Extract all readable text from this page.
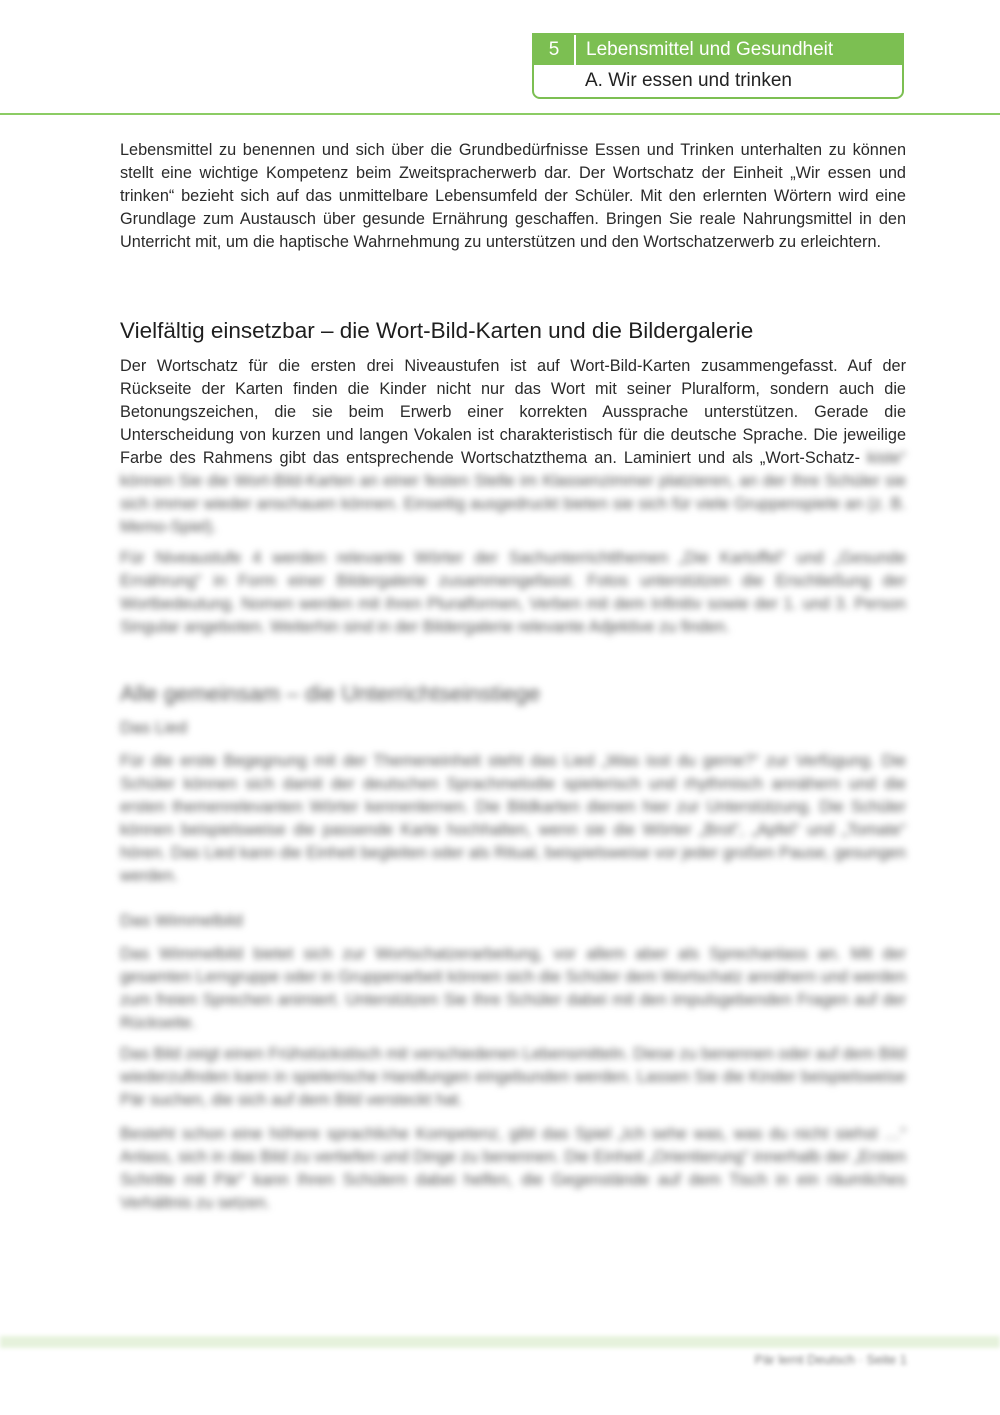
5	Lebensmittel und Gesundheit
A. Wir essen und trinken

Lebensmittel zu benennen und sich über die Grundbedürfnisse Essen und Trinken unterhalten zu können stellt eine wichtige Kompetenz beim Zweitspracherwerb dar. Der Wortschatz der Einheit „Wir essen und trinken“ bezieht sich auf das unmittelbare Lebensumfeld der Schüler. Mit den erlernten Wörtern wird eine Grundlage zum Austausch über gesunde Ernährung geschaffen. Bringen Sie reale Nahrungsmittel in den Unterricht mit, um die haptische Wahrnehmung zu unterstützen und den Wortschatzerwerb zu erleichtern.

Vielfältig einsetzbar – die Wort-Bild-Karten und die Bildergalerie

Der Wortschatz für die ersten drei Niveaustufen ist auf Wort-Bild-Karten zusammengefasst. Auf der Rückseite der Karten finden die Kinder nicht nur das Wort mit seiner Pluralform, sondern auch die Betonungszeichen, die sie beim Erwerb einer korrekten Aussprache unterstützen. Gerade die Unterscheidung von kurzen und langen Vokalen ist charakteristisch für die deutsche Sprache. Die jeweilige Farbe des Rahmens gibt das entsprechende Wortschatzthema an. Laminiert und als „Wort-Schatz- kiste“ können Sie die Wort-Bild-Karten an einer festen Stelle im Klassenzimmer platzieren, an der Ihre Schüler sie sich immer wieder anschauen können. Einseitig ausgedruckt bieten sie sich für viele Gruppenspiele an (z. B. Memo-Spiel).

Für Niveaustufe 4 werden relevante Wörter der Sachunterrichtthemen „Die Kartoffel“ und „Gesunde Ernährung“ in Form einer Bildergalerie zusammengefasst. Fotos unterstützen die Erschließung der Wortbedeutung. Nomen werden mit ihren Pluralformen, Verben mit dem Infinitiv sowie der 1. und 3. Person Singular angeboten. Weiterhin sind in der Bildergalerie relevante Adjektive zu finden.

Alle gemeinsam – die Unterrichtseinstiege
Das Lied

Für die erste Begegnung mit der Themeneinheit steht das Lied „Was isst du gerne?“ zur Verfügung. Die Schüler können sich damit der deutschen Sprachmelodie spielerisch und rhythmisch annähern und die ersten themenrelevanten Wörter kennenlernen. Die Bildkarten dienen hier zur Unterstützung. Die Schüler können beispielsweise die passende Karte hochhalten, wenn sie die Wörter „Brot“, „Apfel“ und „Tomate“ hören. Das Lied kann die Einheit begleiten oder als Ritual, beispielsweise vor jeder großen Pause, gesungen werden.

Das Wimmelbild

Das Wimmelbild bietet sich zur Wortschatzerarbeitung, vor allem aber als Sprechanlass an. Mit der gesamten Lerngruppe oder in Gruppenarbeit können sich die Schüler dem Wortschatz annähern und werden zum freien Sprechen animiert. Unterstützen Sie Ihre Schüler dabei mit den impulsgebenden Fragen auf der Rückseite.

Das Bild zeigt einen Frühstückstisch mit verschiedenen Lebensmitteln. Diese zu benennen oder auf dem Bild wiederzufinden kann in spielerische Handlungen eingebunden werden. Lassen Sie die Kinder beispielsweise Pär suchen, die sich auf dem Bild versteckt hat.

Besteht schon eine höhere sprachliche Kompetenz, gibt das Spiel „Ich sehe was, was du nicht siehst …“ Anlass, sich in das Bild zu vertiefen und Dinge zu benennen. Die Einheit „Orientierung“ innerhalb der „Ersten Schritte mit Pär“ kann Ihren Schülern dabei helfen, die Gegenstände auf dem Tisch in ein räumliches Verhältnis zu setzen.

Pär lernt Deutsch · Seite 1
